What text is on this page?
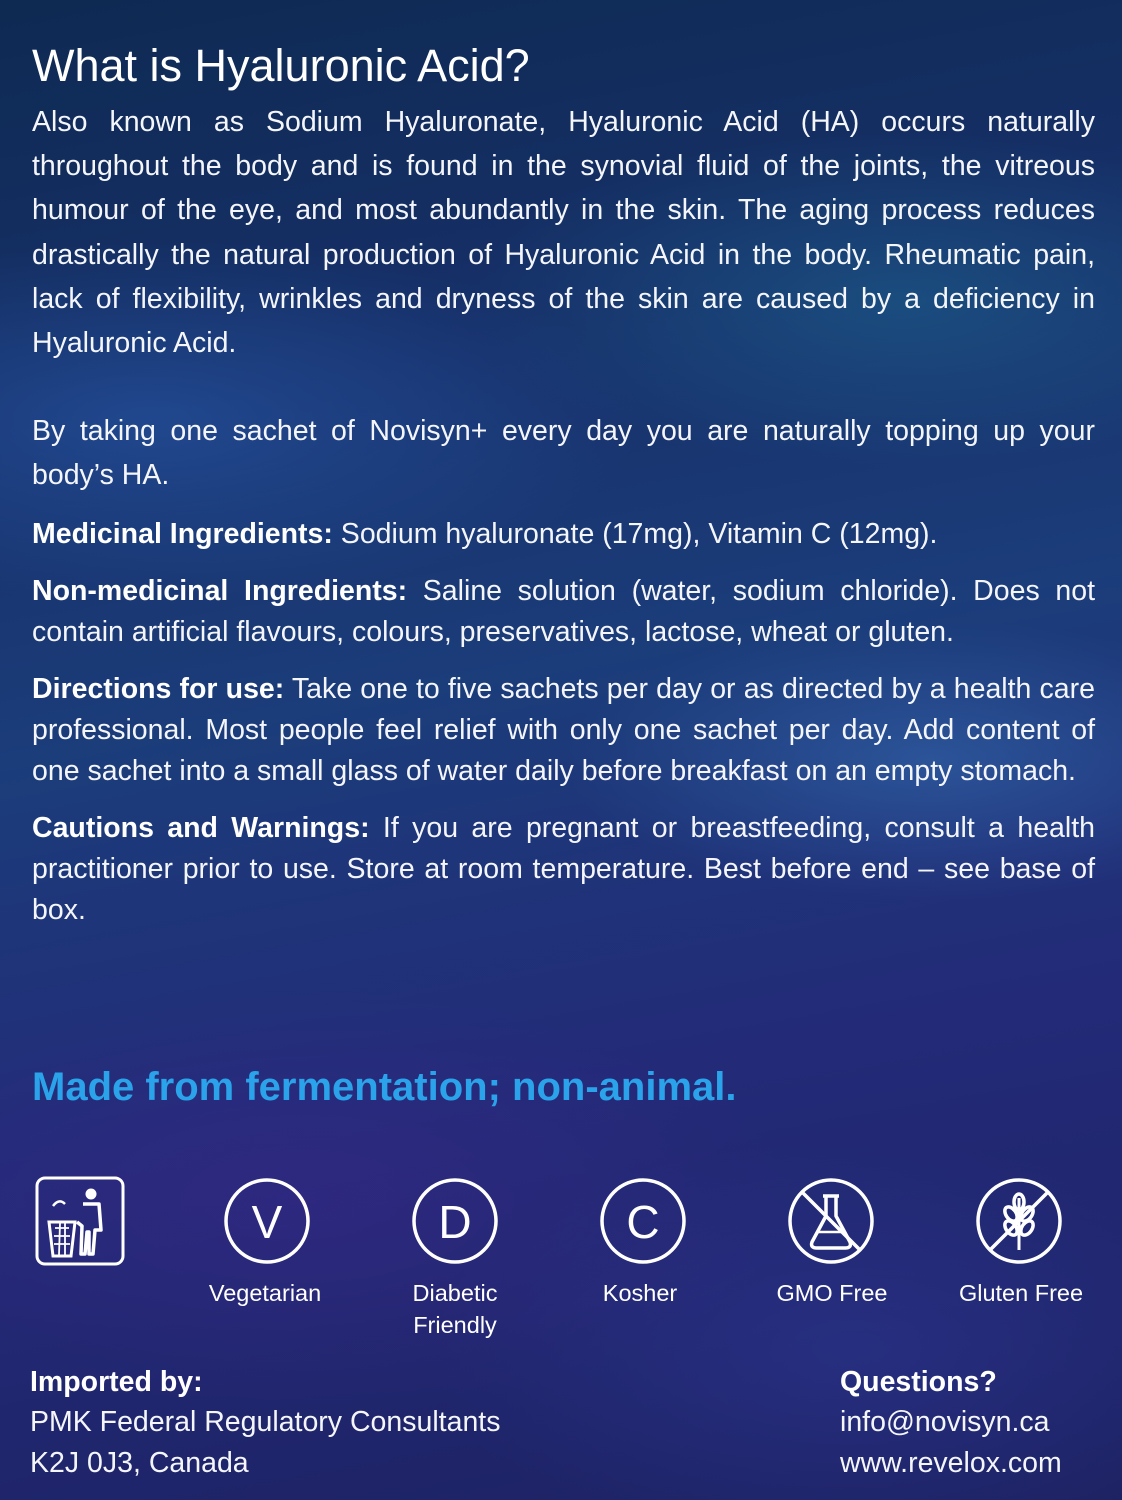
What is Hyaluronic Acid?

Also known as Sodium Hyaluronate, Hyaluronic Acid (HA) occurs naturally throughout the body and is found in the synovial fluid of the joints, the vitreous humour of the eye, and most abundantly in the skin. The aging process reduces drastically the natural production of Hyaluronic Acid in the body. Rheumatic pain, lack of flexibility, wrinkles and dryness of the skin are caused by a deficiency in Hyaluronic Acid.

By taking one sachet of Novisyn+ every day you are naturally topping up your body’s HA.

Medicinal Ingredients: Sodium hyaluronate (17mg), Vitamin C (12mg).

Non-medicinal Ingredients: Saline solution (water, sodium chloride). Does not contain artificial flavours, colours, preservatives, lactose, wheat or gluten.

Directions for use: Take one to five sachets per day or as directed by a health care professional. Most people feel relief with only one sachet per day. Add content of one sachet into a small glass of water daily before breakfast on an empty stomach.

Cautions and Warnings: If you are pregnant or breastfeeding, consult a health practitioner prior to use. Store at room temperature. Best before end – see base of box.

Made from fermentation; non-animal.

V	D	C
Vegetarian	Diabetic
Friendly
Kosher	GMO Free	Gluten Free
Imported by:
PMK Federal Regulatory Consultants
K2J 0J3, Canada
Questions?
info@novisyn.ca
www.revelox.com
